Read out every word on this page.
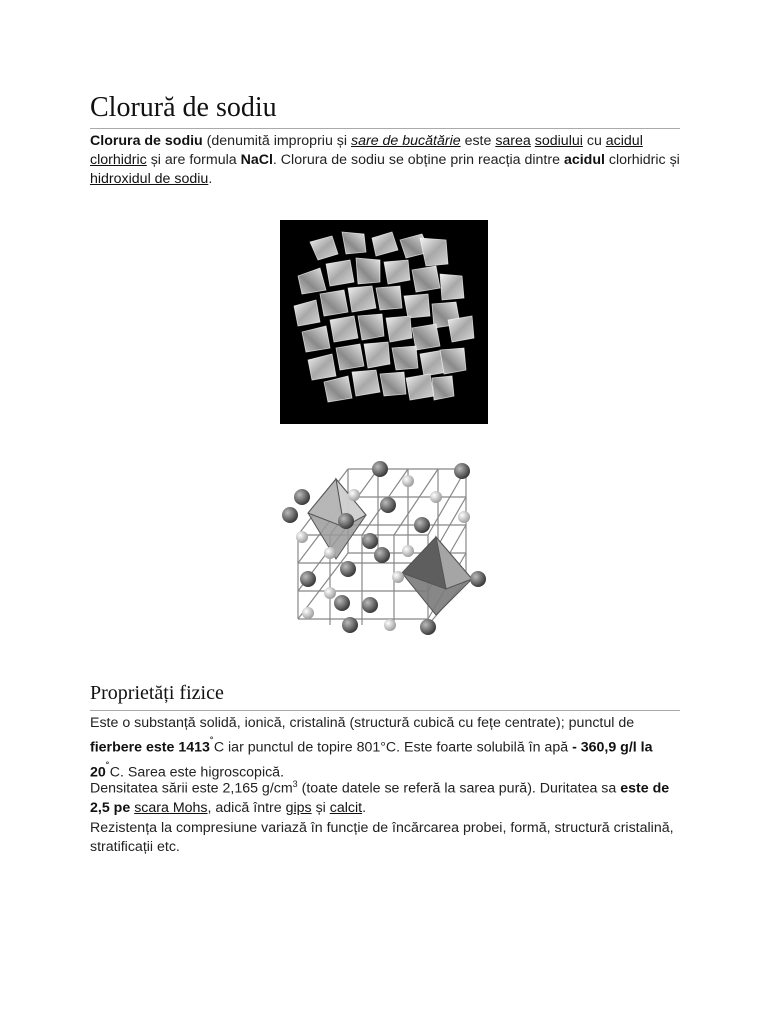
Clorură de sodiu

Clorura de sodiu (denumită impropriu și sare de bucătărie este sarea sodiului cu acidul clorhidric și are formula NaCl. Clorura de sodiu se obține prin reacția dintre acidul clorhidric și hidroxidul de sodiu.

Proprietăți fizice

Este o substanță solidă, ionică, cristalină (structură cubică cu fețe centrate); punctul de fierbere este 1413˚C iar punctul de topire 801°C. Este foarte solubilă în apă - 360,9 g/l la 20˚C. Sarea este higroscopică.

Densitatea sării este 2,165 $g/cm^3$ (toate datele se referă la sarea pură). Duritatea sa este de 2,5 pe scara Mohs, adică între gips și calcit.

Rezistența la compresiune variază în funcție de încărcarea probei, formă, structură cristalină, stratificații etc.
